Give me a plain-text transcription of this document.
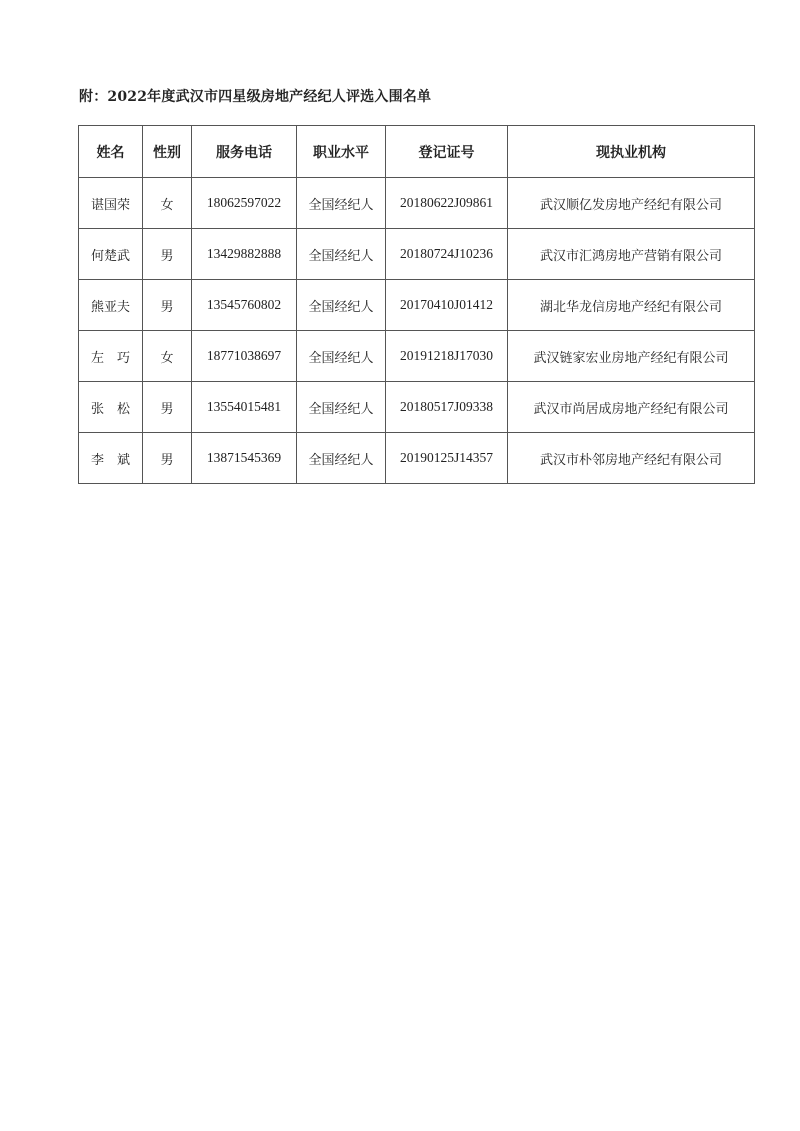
附：2022年度武汉市四星级房地产经纪人评选入围名单
姓名	性别	服务电话	职业水平	登记证号	现执业机构
谌国荣	女	18062597022	全国经纪人	20180622J09861	武汉顺亿发房地产经纪有限公司
何楚武	男	13429882888	全国经纪人	20180724J10236	武汉市汇鸿房地产营销有限公司
熊亚夫	男	13545760802	全国经纪人	20170410J01412	湖北华龙信房地产经纪有限公司
左　巧	女	18771038697	全国经纪人	20191218J17030	武汉链家宏业房地产经纪有限公司
张　松	男	13554015481	全国经纪人	20180517J09338	武汉市尚居成房地产经纪有限公司
李　斌	男	13871545369	全国经纪人	20190125J14357	武汉市朴邻房地产经纪有限公司
